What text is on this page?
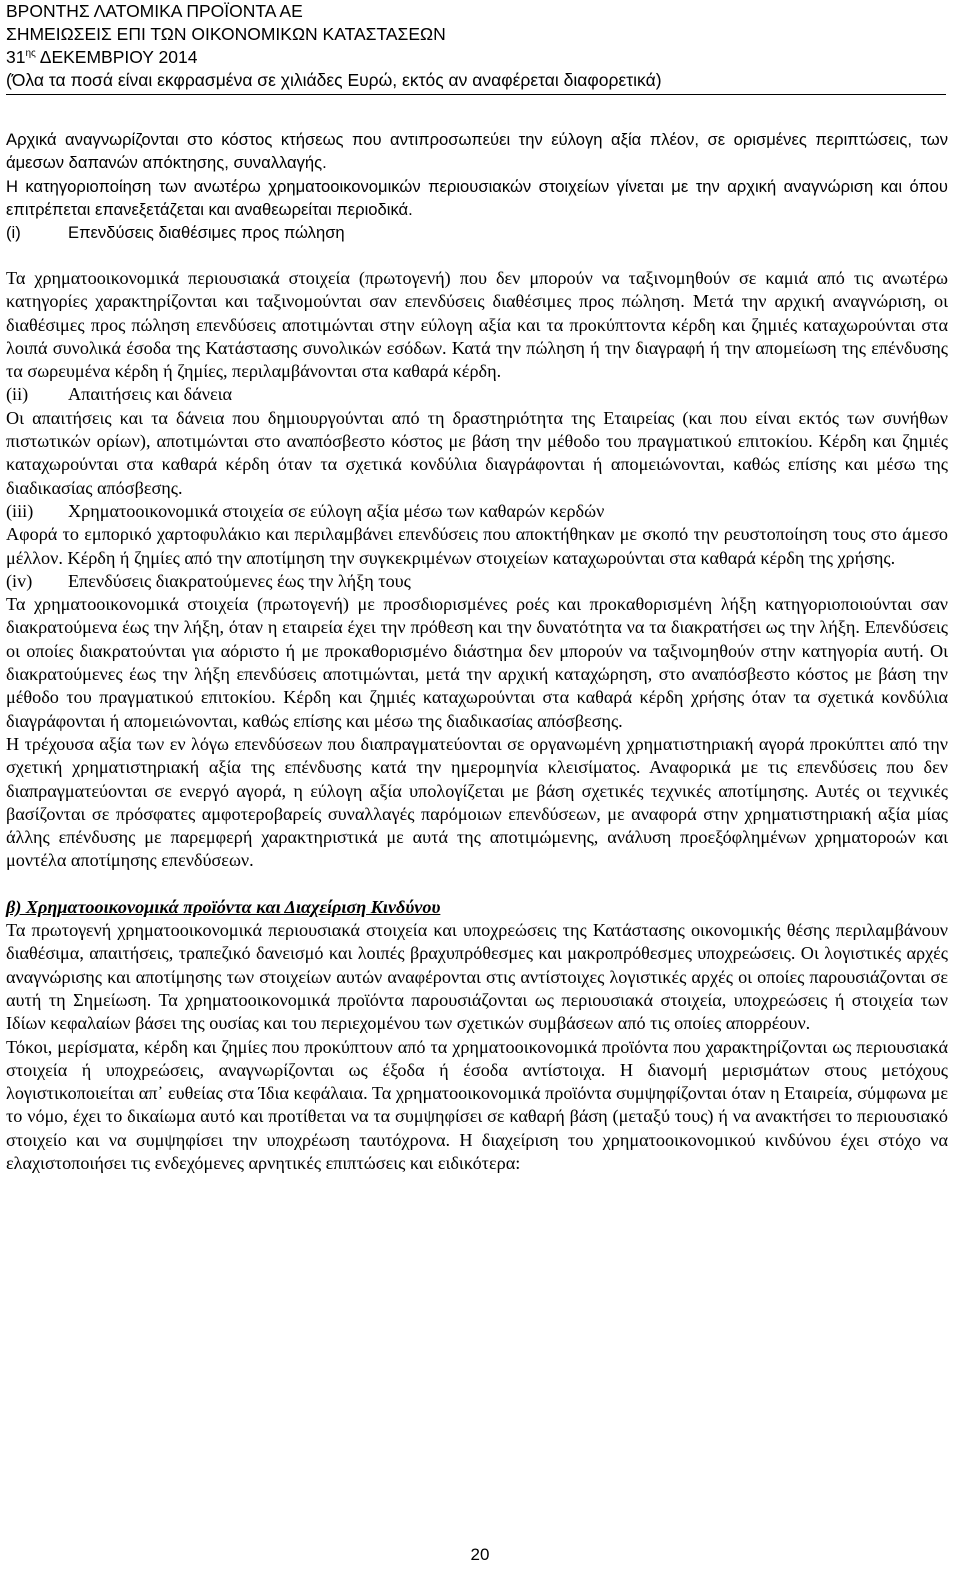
ΒΡΟΝΤΗΣ ΛΑΤΟΜΙΚΑ ΠΡΟΪΟΝΤΑ ΑΕ
ΣΗΜΕΙΩΣΕΙΣ ΕΠΙ ΤΩΝ ΟΙΚΟΝΟΜΙΚΩΝ ΚΑΤΑΣΤΑΣΕΩΝ
$31^{\eta\varsigma}$ ΔΕΚΕΜΒΡΙΟΥ 2014
(Όλα τα ποσά είναι εκφρασμένα σε χιλιάδες Ευρώ, εκτός αν αναφέρεται διαφορετικά)

Αρχικά αναγνωρίζονται στο κόστος κτήσεως που αντιπροσωπεύει την εύλογη αξία πλέον, σε ορισμένες περιπτώσεις, των άμεσων δαπανών απόκτησης, συναλλαγής.

Η κατηγοριοποίηση των ανωτέρω χρηματοοικονομικών περιουσιακών στοιχείων γίνεται με την αρχική αναγνώριση και όπου επιτρέπεται επανεξετάζεται και αναθεωρείται περιοδικά.

(i)	Επενδύσεις διαθέσιμες προς πώληση

Τα χρηματοοικονομικά περιουσιακά στοιχεία (πρωτογενή) που δεν μπορούν να ταξινομηθούν σε καμιά από τις ανωτέρω κατηγορίες χαρακτηρίζονται και ταξινομούνται σαν επενδύσεις διαθέσιμες προς πώληση. Μετά την αρχική αναγνώριση, οι διαθέσιμες προς πώληση επενδύσεις αποτιμώνται στην εύλογη αξία και τα προκύπτοντα κέρδη και ζημιές καταχωρούνται στα λοιπά συνολικά έσοδα της Κατάστασης συνολικών εσόδων. Κατά την πώληση ή την διαγραφή ή την απομείωση της επένδυσης τα σωρευμένα κέρδη ή ζημίες, περιλαμβάνονται στα καθαρά κέρδη.

(ii)	Απαιτήσεις και δάνεια

Οι απαιτήσεις και τα δάνεια που δημιουργούνται από τη δραστηριότητα της Εταιρείας (και που είναι εκτός των συνήθων πιστωτικών ορίων), αποτιμώνται στο αναπόσβεστο κόστος με βάση την μέθοδο του πραγματικού επιτοκίου. Κέρδη και ζημιές καταχωρούνται στα καθαρά κέρδη όταν τα σχετικά κονδύλια διαγράφονται ή απομειώνονται, καθώς επίσης και μέσω της διαδικασίας απόσβεσης.

(iii)	Χρηματοοικονομικά στοιχεία σε εύλογη αξία μέσω των καθαρών κερδών

Αφορά το εμπορικό χαρτοφυλάκιο και περιλαμβάνει επενδύσεις που αποκτήθηκαν με σκοπό την ρευστοποίηση τους στο άμεσο μέλλον. Κέρδη ή ζημίες από την αποτίμηση την συγκεκριμένων στοιχείων καταχωρούνται στα καθαρά κέρδη της χρήσης.

(iv)	Επενδύσεις διακρατούμενες έως την λήξη τους

Τα χρηματοοικονομικά στοιχεία (πρωτογενή) με προσδιορισμένες ροές και προκαθορισμένη λήξη κατηγοριοποιούνται σαν διακρατούμενα έως την λήξη, όταν η εταιρεία έχει την πρόθεση και την δυνατότητα να τα διακρατήσει ως την λήξη. Επενδύσεις οι οποίες διακρατούνται για αόριστο ή με προκαθορισμένο διάστημα δεν μπορούν να ταξινομηθούν στην κατηγορία αυτή. Οι διακρατούμενες έως την λήξη επενδύσεις αποτιμώνται, μετά την αρχική καταχώρηση, στο αναπόσβεστο κόστος με βάση την μέθοδο του πραγματικού επιτοκίου. Κέρδη και ζημιές καταχωρούνται στα καθαρά κέρδη χρήσης όταν τα σχετικά κονδύλια διαγράφονται ή απομειώνονται, καθώς επίσης και μέσω της διαδικασίας απόσβεσης.

Η τρέχουσα αξία των εν λόγω επενδύσεων που διαπραγματεύονται σε οργανωμένη χρηματιστηριακή αγορά προκύπτει από την σχετική χρηματιστηριακή αξία της επένδυσης κατά την ημερομηνία κλεισίματος. Αναφορικά με τις επενδύσεις που δεν διαπραγματεύονται σε ενεργό αγορά, η εύλογη αξία υπολογίζεται με βάση σχετικές τεχνικές αποτίμησης. Αυτές οι τεχνικές βασίζονται σε πρόσφατες αμφοτεροβαρείς συναλλαγές παρόμοιων επενδύσεων, με αναφορά στην χρηματιστηριακή αξία μίας άλλης επένδυσης με παρεμφερή χαρακτηριστικά με αυτά της αποτιμώμενης, ανάλυση προεξόφλημένων χρηματοροών και μοντέλα αποτίμησης επενδύσεων.

β) Χρηματοοικονομικά προϊόντα και Διαχείριση Κινδύνου

Τα πρωτογενή χρηματοοικονομικά περιουσιακά στοιχεία και υποχρεώσεις της Κατάστασης οικονομικής θέσης περιλαμβάνουν διαθέσιμα, απαιτήσεις, τραπεζικό δανεισμό και λοιπές βραχυπρόθεσμες και μακροπρόθεσμες υποχρεώσεις. Οι λογιστικές αρχές αναγνώρισης και αποτίμησης των στοιχείων αυτών αναφέρονται στις αντίστοιχες λογιστικές αρχές οι οποίες παρουσιάζονται σε αυτή τη Σημείωση. Τα χρηματοοικονομικά προϊόντα παρουσιάζονται ως περιουσιακά στοιχεία, υποχρεώσεις ή στοιχεία των Ιδίων κεφαλαίων βάσει της ουσίας και του περιεχομένου των σχετικών συμβάσεων από τις οποίες απορρέουν.

Τόκοι, μερίσματα, κέρδη και ζημίες που προκύπτουν από τα χρηματοοικονομικά προϊόντα που χαρακτηρίζονται ως περιουσιακά στοιχεία ή υποχρεώσεις, αναγνωρίζονται ως έξοδα ή έσοδα αντίστοιχα. Η διανομή μερισμάτων στους μετόχους λογιστικοποιείται απ᾽ ευθείας στα Ίδια κεφάλαια. Τα χρηματοοικονομικά προϊόντα συμψηφίζονται όταν η Εταιρεία, σύμφωνα με το νόμο, έχει το δικαίωμα αυτό και προτίθεται να τα συμψηφίσει σε καθαρή βάση (μεταξύ τους) ή να ανακτήσει το περιουσιακό στοιχείο και να συμψηφίσει την υποχρέωση ταυτόχρονα. Η διαχείριση του χρηματοοικονομικού κινδύνου έχει στόχο να ελαχιστοποιήσει τις ενδεχόμενες αρνητικές επιπτώσεις και ειδικότερα:

20
